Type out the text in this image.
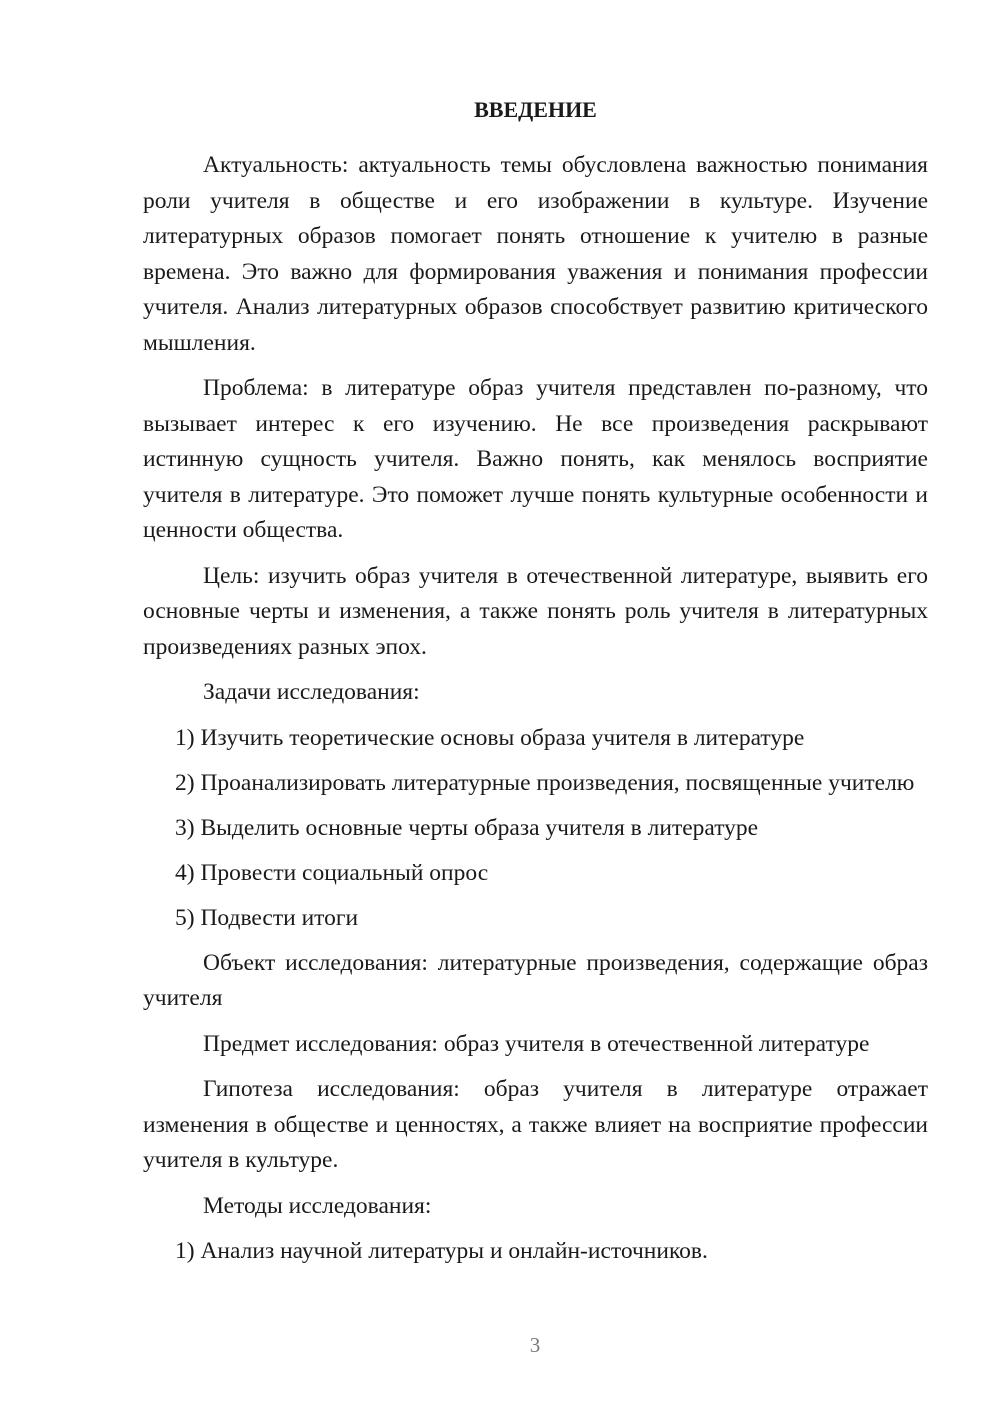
ВВЕДЕНИЕ

Актуальность: актуальность темы обусловлена важностью понимания роли учителя в обществе и его изображении в культуре. Изучение литературных образов помогает понять отношение к учителю в разные времена. Это важно для формирования уважения и понимания профессии учителя. Анализ литературных образов способствует развитию критического мышления.

Проблема: в литературе образ учителя представлен по-разному, что вызывает интерес к его изучению. Не все произведения раскрывают истинную сущность учителя. Важно понять, как менялось восприятие учителя в литературе. Это поможет лучше понять культурные особенности и ценности общества.

Цель: изучить образ учителя в отечественной литературе, выявить его основные черты и изменения, а также понять роль учителя в литературных произведениях разных эпох.

Задачи исследования:

1) Изучить теоретические основы образа учителя в литературе

2) Проанализировать литературные произведения, посвященные учителю

3) Выделить основные черты образа учителя в литературе

4) Провести социальный опрос

5) Подвести итоги

Объект исследования: литературные произведения, содержащие образ учителя

Предмет исследования: образ учителя в отечественной литературе

Гипотеза исследования: образ учителя в литературе отражает изменения в обществе и ценностях, а также влияет на восприятие профессии учителя в культуре.

Методы исследования:

1) Анализ научной литературы и онлайн-источников.

3
